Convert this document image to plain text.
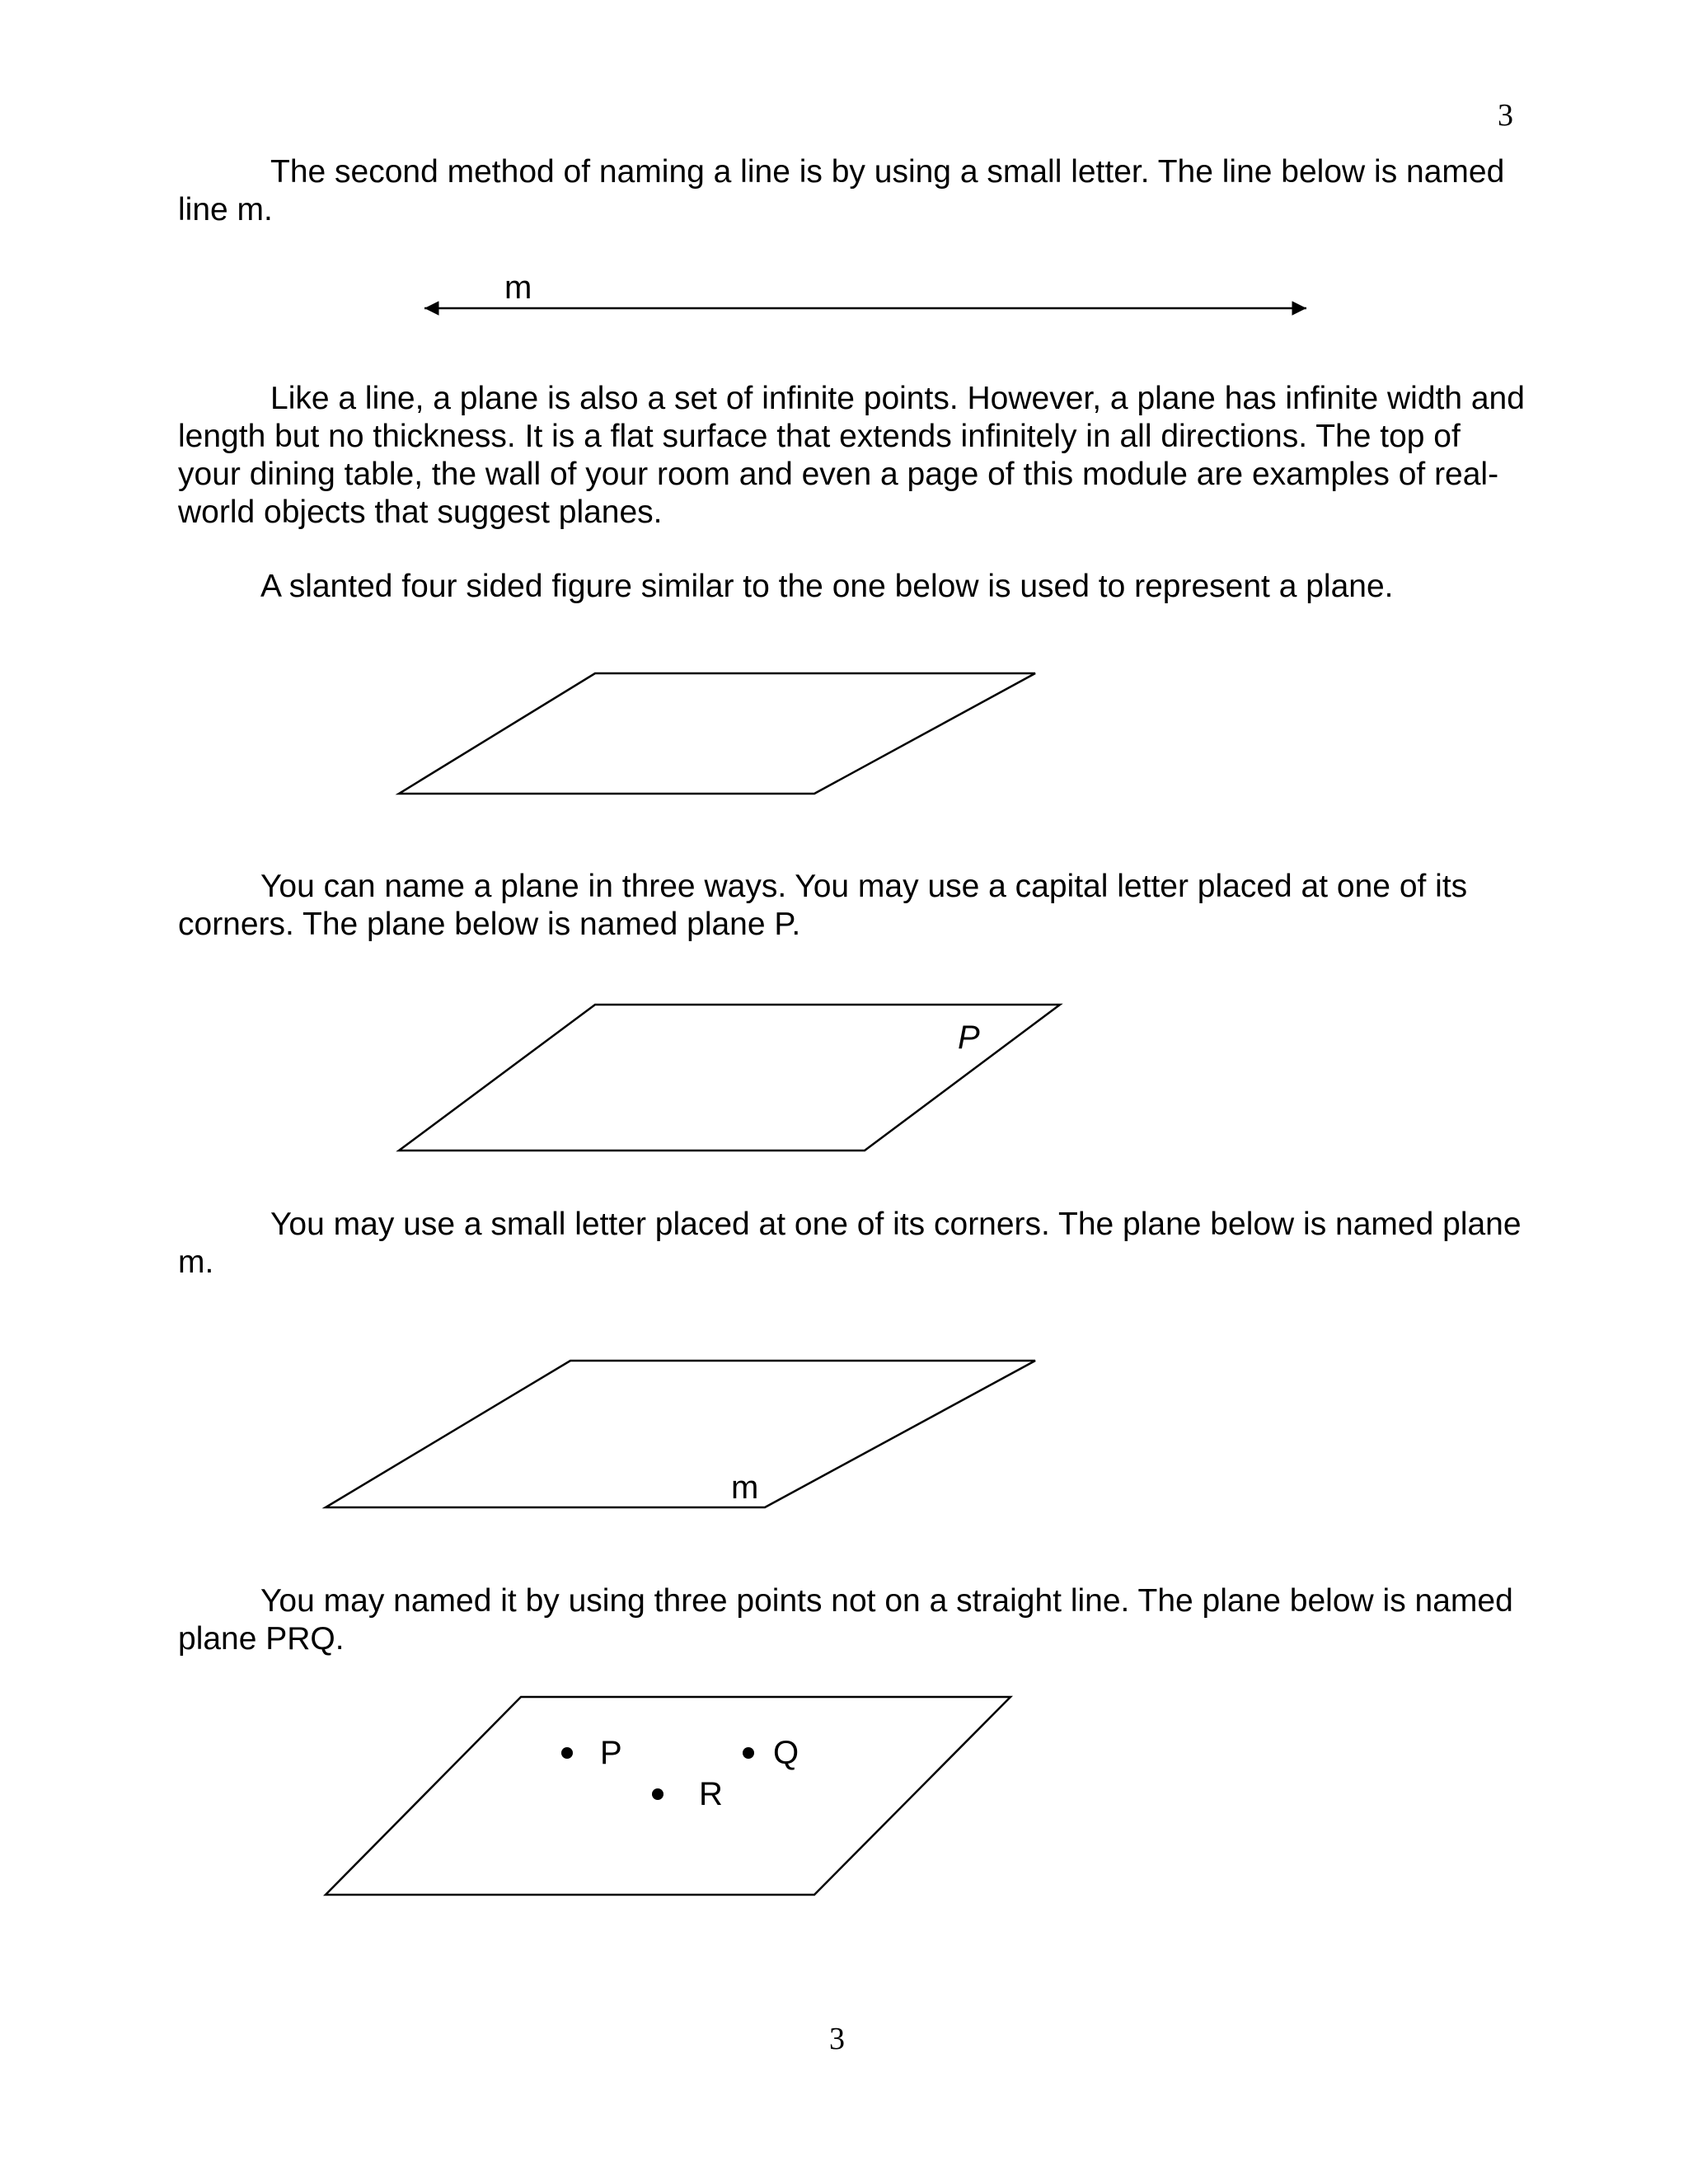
3

The second method of naming a line is by using a small letter. The line below is named line m.

Like a line, a plane is also a set of infinite points. However, a plane has infinite width and length but no thickness. It is a flat surface that extends infinitely in all directions. The top of your dining table, the wall of your room and even a page of this module are examples of real-world objects that suggest planes.

A slanted four sided figure similar to the one below is used to represent a plane.

You can name a plane in three ways. You may use a capital letter placed at one of its corners. The plane below is named plane P.

You may use a small letter placed at one of its corners. The plane below is named plane m.

You may named it by using three points not on a straight line. The plane below is named plane PRQ.

m
P
m
P	Q
R
3
